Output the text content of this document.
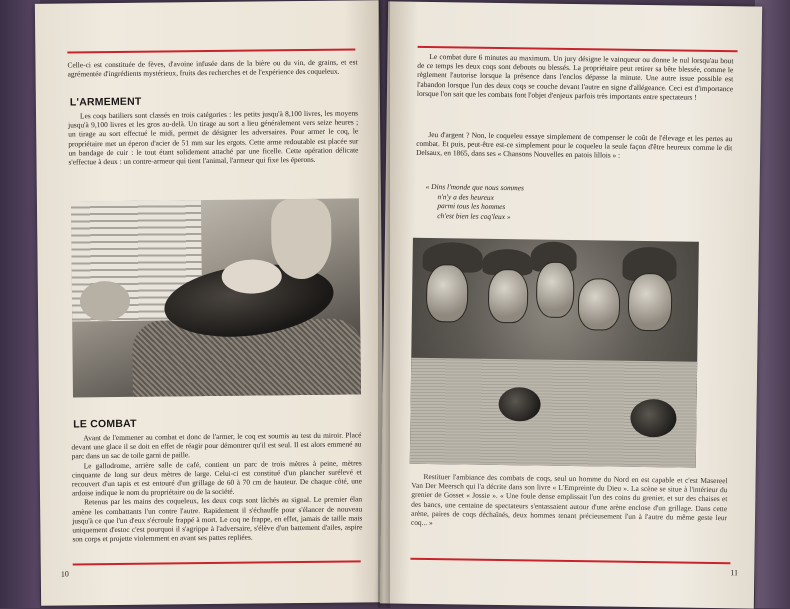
Celle-ci est constituée de fèves, d'avoine infusée dans de la bière ou du vin, de grains, et est agrémentée d'ingrédients mystérieux, fruits des recherches et de l'expérience des coqueleux.
L'ARMEMENT
Les coqs batiliers sont classés en trois catégories : les petits jusqu'à 8,100 livres, les moyens jusqu'à 9,100 livres et les gros au-delà. Un tirage au sort a lieu généralement vers seize heures ; un tirage au sort effectué le midi, permet de désigner les adversaires. Pour armer le coq, le propriétaire met un éperon d'acier de 51 mm sur les ergots. Cette arme redoutable est placée sur un bandage de cuir : le tout étant solidement attaché par une ficelle. Cette opération délicate s'effectue à deux : un contre-armeur qui tient l'animal, l'armeur qui fixe les éperons.
LE COMBAT

Avant de l'emmener au combat et donc de l'armer, le coq est soumis au test du miroir. Placé devant une glace il se doit en effet de réagir pour démontrer qu'il est seul. Il est alors emmené au parc dans un sac de toile garni de paille.

Le gallodrome, arrière salle de café, contient un parc de trois mètres à peine, mètres cinquante de long sur deux mètres de large. Celui-ci est constitué d'un plancher surélevé et recouvert d'un tapis et est entouré d'un grillage de 60 à 70 cm de hauteur. De chaque côté, une ardoise indique le nom du propriétaire ou de la société.

Retenus par les mains des coqueleux, les deux coqs sont lâchés au signal. Le premier élan amène les combattants l'un contre l'autre. Rapidement il s'échauffe pour s'élancer de nouveau jusqu'à ce que l'un d'eux s'écroule frappé à mort. Le coq ne frappe, en effet, jamais de taille mais uniquement d'estoc c'est pourquoi il s'agrippe à l'adversaire, s'élève d'un battement d'ailes, aspire son corps et projette violemment en avant ses pattes repliées.

10
Le combat dure 6 minutes au maximum. Un jury désigne le vainqueur ou donne le nul lorsqu'au bout de ce temps les deux coqs sont debouts ou blessés. La propriétaire peut retirer sa bête blessée, comme le règlement l'autorise lorsque la présence dans l'enclos dépasse la minute. Une autre issue possible est l'abandon lorsque l'un des deux coqs se couche devant l'autre en signe d'allégeance. Ceci est d'importance lorsque l'on sait que les combats font l'objet d'enjeux parfois très importants entre spectateurs !
Jeu d'argent ? Non, le coqueleu essaye simplement de compenser le coût de l'élevage et les pertes au combat. Et puis, peut-être est-ce simplement pour le coqueleu la seule façon d'être heureux comme le dit Delsaux, en 1865, dans ses « Chansons Nouvelles en patois lillois » :
« Dins l'monde que nous sommes
n'n'y a des heureux
parmi tous les hommes
ch'est bien les coq'leux »
Restituer l'ambiance des combats de coqs, seul un homme du Nord en est capable et c'est Masereel Van Der Meersch qui l'a décrite dans son livre « L'Empreinte du Dieu ». La scène se situe à l'intérieur du grenier de Gosset « Jossie ». « Une foule dense emplissait l'un des coins du grenier, et sur des chaises et des bancs, une centaine de spectateurs s'entassaient autour d'une arène enclose d'un grillage. Dans cette arène, paires de coqs déchaînés, deux hommes tenant précieusement l'un à l'autre du même geste leur coq... »
11
